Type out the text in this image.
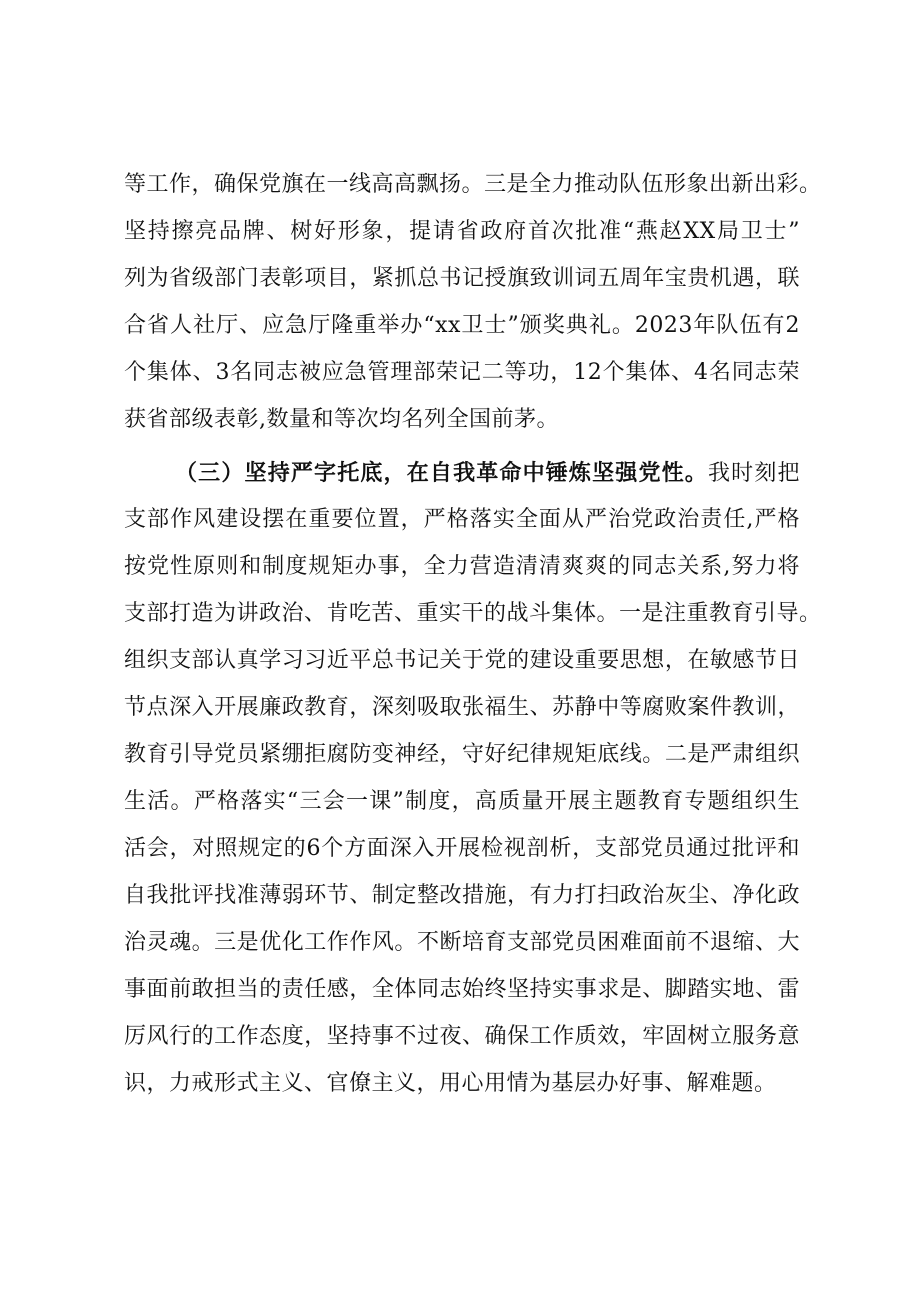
等工作，确保党旗在一线高高飘扬。三是全力推动队伍形象出新出彩。
坚持擦亮品牌、树好形象，提请省政府首次批准“燕赵XX局卫士”
列为省级部门表彰项目，紧抓总书记授旗致训词五周年宝贵机遇，联
合省人社厅、应急厅隆重举办“xx卫士”颁奖典礼。2023年队伍有2
个集体、3名同志被应急管理部荣记二等功，12个集体、4名同志荣
获省部级表彰,数量和等次均名列全国前茅。
（三）坚持严字托底，在自我革命中锤炼坚强党性。我时刻把
支部作风建设摆在重要位置，严格落实全面从严治党政治责任,严格
按党性原则和制度规矩办事，全力营造清清爽爽的同志关系,努力将
支部打造为讲政治、肯吃苦、重实干的战斗集体。一是注重教育引导。
组织支部认真学习习近平总书记关于党的建设重要思想，在敏感节日
节点深入开展廉政教育，深刻吸取张福生、苏静中等腐败案件教训，
教育引导党员紧绷拒腐防变神经，守好纪律规矩底线。二是严肃组织
生活。严格落实“三会一课”制度，高质量开展主题教育专题组织生
活会，对照规定的6个方面深入开展检视剖析，支部党员通过批评和
自我批评找准薄弱环节、制定整改措施，有力打扫政治灰尘、净化政
治灵魂。三是优化工作作风。不断培育支部党员困难面前不退缩、大
事面前敢担当的责任感，全体同志始终坚持实事求是、脚踏实地、雷
厉风行的工作态度，坚持事不过夜、确保工作质效，牢固树立服务意
识，力戒形式主义、官僚主义，用心用情为基层办好事、解难题。
